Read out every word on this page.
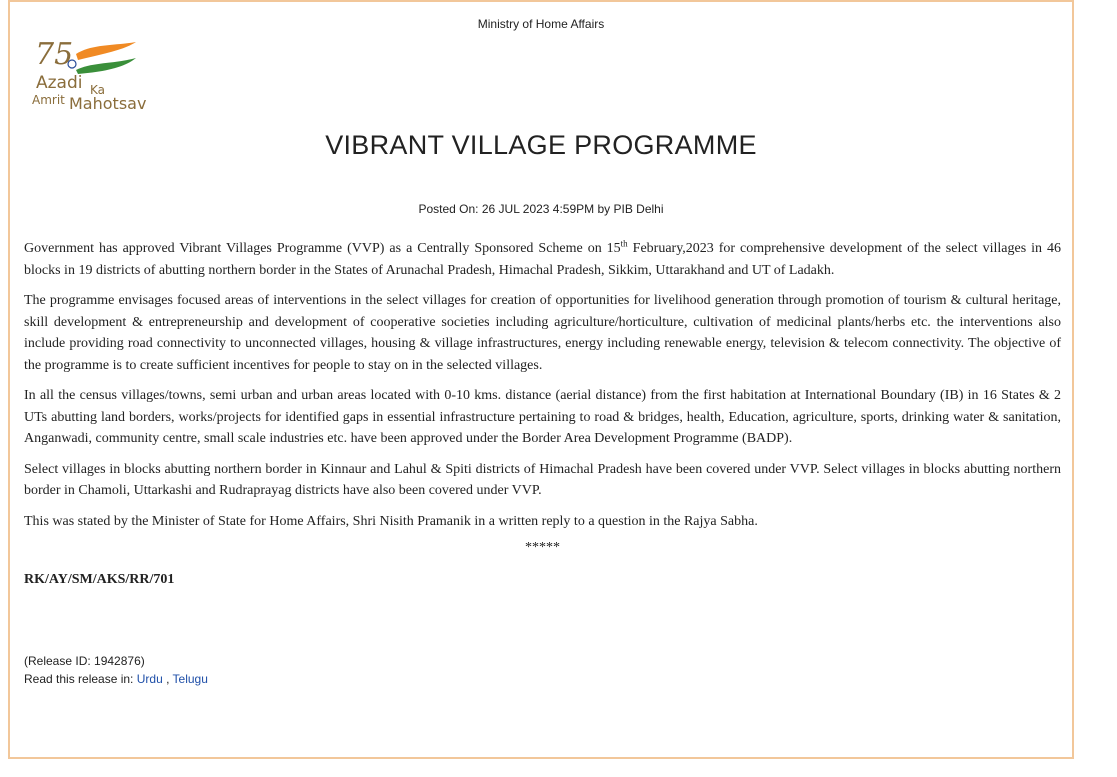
Ministry of Home Affairs
75
Azadi Ka
Amrit Mahotsav
VIBRANT VILLAGE PROGRAMME
Posted On: 26 JUL 2023 4:59PM by PIB Delhi

Government has approved Vibrant Villages Programme (VVP) as a Centrally Sponsored Scheme on 15th February,2023 for comprehensive development of the select villages in 46 blocks in 19 districts of abutting northern border in the States of Arunachal Pradesh, Himachal Pradesh, Sikkim, Uttarakhand and UT of Ladakh.

The programme envisages focused areas of interventions in the select villages for creation of opportunities for livelihood generation through promotion of tourism & cultural heritage, skill development & entrepreneurship and development of cooperative societies including agriculture/horticulture, cultivation of medicinal plants/herbs etc. the interventions also include providing road connectivity to unconnected villages, housing & village infrastructures, energy including renewable energy, television & telecom connectivity. The objective of the programme is to create sufficient incentives for people to stay on in the selected villages.

In all the census villages/towns, semi urban and urban areas located with 0-10 kms. distance (aerial distance) from the first habitation at International Boundary (IB) in 16 States & 2 UTs abutting land borders, works/projects for identified gaps in essential infrastructure pertaining to road & bridges, health, Education, agriculture, sports, drinking water & sanitation, Anganwadi, community centre, small scale industries etc. have been approved under the Border Area Development Programme (BADP).

Select villages in blocks abutting northern border in Kinnaur and Lahul & Spiti districts of Himachal Pradesh have been covered under VVP. Select villages in blocks abutting northern border in Chamoli, Uttarkashi and Rudraprayag districts have also been covered under VVP.

This was stated by the Minister of State for Home Affairs, Shri Nisith Pramanik in a written reply to a question in the Rajya Sabha.

*****
RK/AY/SM/AKS/RR/701
(Release ID: 1942876)
Read this release in: Urdu , Telugu
